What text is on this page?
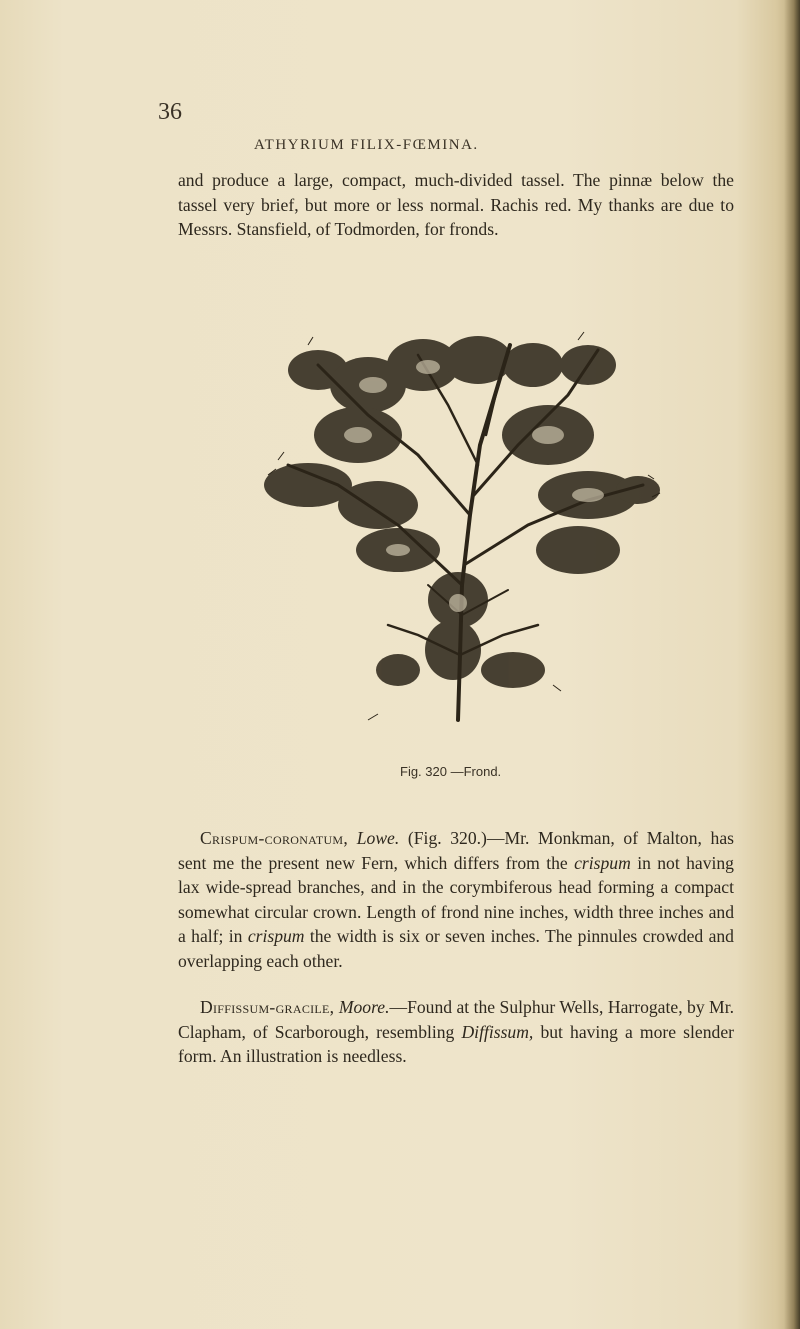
36
ATHYRIUM FILIX-FŒMINA.

and produce a large, compact, much-divided tassel. The pinnæ below the tassel very brief, but more or less normal. Rachis red. My thanks are due to Messrs. Stansfield, of Todmorden, for fronds.

Fig. 320 —Frond.

Crispum-coronatum, Lowe. (Fig. 320.)—Mr. Monkman, of Malton, has sent me the present new Fern, which differs from the crispum in not having lax wide-spread branches, and in the corymbiferous head forming a compact somewhat circular crown. Length of frond nine inches, width three inches and a half; in crispum the width is six or seven inches. The pinnules crowded and overlapping each other.

Diffissum-gracile, Moore.—Found at the Sulphur Wells, Harrogate, by Mr. Clapham, of Scarborough, resembling Diffissum, but having a more slender form. An illustration is needless.
